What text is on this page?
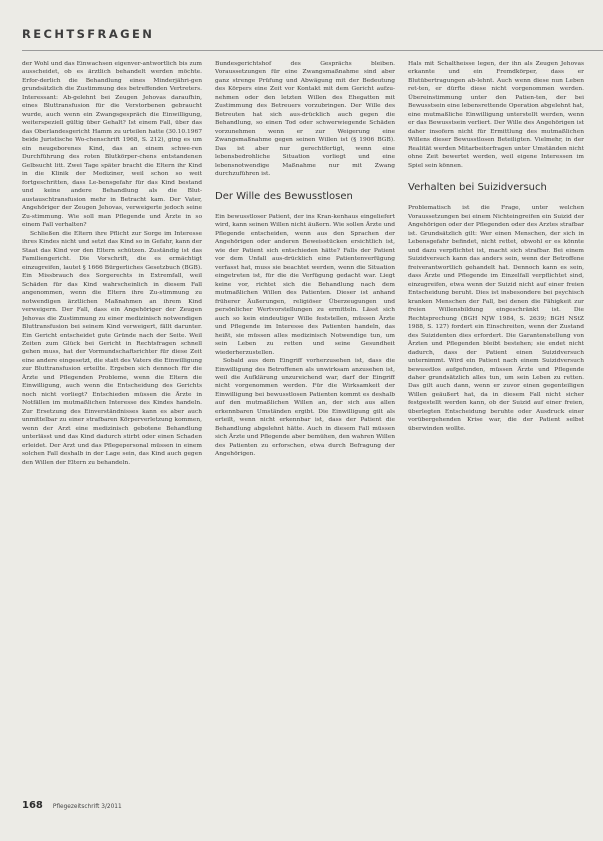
RECHTSFRAGEN

der Wohl und das Einwachsen eigenver-antwortlich bis zum ausscheidet, ob es ärztlich behandelt werden möchte. Erfor-derlich die Behandlung eines Minderjähri-gen grundsätzlich die Zustimmung des betreffenden Vertreters. Interessant: Ab-gelehnt bei Zeugen Jehovas daraufhin, eines Bluttransfusion für die Verstorbenen gebraucht wurde, auch wenn ein Zwangsgespräch die Einwilligung, weiterspeziell gültig über Gehalt? Ist einem Fall, über das das Oberlandesgericht Hamm zu urteilen hatte (30.10.1967 beide Juristische Wo-chenschrift 1968, S. 212), ging es um ein neugeborenes Kind, das an einem schwe-ren Durchführung des roten Blutkörper-chens entstandenen Gelbsucht litt. Zwei Tage später bracht die Eltern ihr Kind in die Klinik der Mediziner, weil schon so weit fortgeschritten, dass Le-bensgefahr für das Kind bestand und keine andere Behandlung als die Blut-austauschtransfusion mehr in Betracht kam. Der Vater, Angehöriger der Zeugen Jehovas, verweigerte jedoch seine Zu-stimmung. Wie soll man Pflegende und Ärzte in so einem Fall verhalten?

Schließen die Eltern ihre Pflicht zur Sorge im Interesse ihres Kindes nicht und setzt das Kind so in Gefahr, kann der Staat das Kind vor den Eltern schützen. Zuständig ist das Familiengericht. Die Vorschrift, die es ermächtigt einzugreifen, lautet § 1666 Bürgerliches Gesetzbuch (BGB). Ein Missbrauch des Sorgerechts in Extremfall, weil Schäden für das Kind wahrscheinlich in diesem Fall angenommen, wenn die Eltern ihre Zu-stimmung zu notwendigen ärztlichen Maßnahmen an ihrem Kind verweigern. Der Fall, dass ein Angehöriger der Zeugen Jehovas die Zustimmung zu einer medizinisch notwendigen Bluttransfusion bei seinem Kind verweigert, fällt darunter. Ein Gericht entscheidet gute Gründe nach der Seite. Weil Zeiten zum Glück bei Gericht in Rechtsfragen schnell gehen muss, hat der Vormundschaftsrichter für diese Zeit eine andere eingesetzt, die statt des Vaters die Einwilligung zur Bluttransfusion erteilte. Ergeben sich dennoch für die Ärzte und Pflegenden Probleme, wenn die Eltern die Einwilligung, auch wenn die Entscheidung des Gerichts noch nicht vorliegt? Entschieden müssen die Ärzte in Notfällen im mutmaßlichen Interesse des Kindes handeln. Zur Ersetzung des Einverständnisses kann es aber auch unmittelbar zu einer strafbaren Körperverletzung kommen, wenn der Arzt eine medizinisch gebotene Behandlung unterlässt und das Kind dadurch stirbt oder einen Schaden erleidet. Der Arzt und das Pflegepersonal müssen in einem solchen Fall deshalb in der Lage sein, das Kind auch gegen den Willen der Eltern zu behandeln.

Bundesgerichtshof des Gesprächs bleiben. Voraussetzungen für eine Zwangsmaßnahme sind aber ganz strenge Prüfung und Abwägung mit der Bedeutung des Körpers eine Zeit vor Kontakt mit dem Gericht aufzu-nehmen oder den letzten Willen des Ehegatten mit Zustimmung des Betreuers vorzubringen. Der Wille des Betreuten hat sich aus-drücklich auch gegen die Behandlung, so einen Tod oder schwerwiegende Schäden vorzunehmen wenn er zur Weigerung eine Zwangsmaßnahme gegen seinen Willen ist (§ 1906 BGB). Das ist aber nur gerechtfertigt, wenn eine lebensbedrohliche Situation vorliegt und eine lebensnotwendige Maßnahme nur mit Zwang durchzuführen ist.

Der Wille des Bewusstlosen

Ein bewusstloser Patient, der ins Kran-kenhaus eingeliefert wird, kann seinen Willen nicht äußern. Wie sollen Ärzte und Pflegende entscheiden, wenn aus den Sprachen der Angehörigen oder anderen Beweisstücken ersichtlich ist, wie der Patient sich entschieden hätte? Falls der Patient vor dem Unfall aus-drücklich eine Patientenverfügung verfasst hat, muss sie beachtet werden, wenn die Situation eingetreten ist, für die die Verfügung gedacht war. Liegt keine vor, richtet sich die Behandlung nach dem mutmaßlichen Willen des Patienten. Dieser ist anhand früherer Äußerungen, religiöser Überzeugungen und persönlicher Wertvorstellungen zu ermitteln. Lässt sich auch so kein eindeutiger Wille feststellen, müssen Ärzte und Pflegende im Interesse des Patienten handeln, das heißt, sie müssen alles medizinisch Notwendige tun, um sein Leben zu retten und seine Gesundheit wiederherzustellen.

Sobald aus dem Eingriff vorherzusehen ist, dass die Einwilligung des Betroffenen als unwirksam anzusehen ist, weil die Aufklärung unzureichend war, darf der Eingriff nicht vorgenommen werden. Für die Wirksamkeit der Einwilligung bei bewusstlosen Patienten kommt es deshalb auf den mutmaßlichen Willen an, der sich aus allen erkennbaren Umständen ergibt. Die Einwilligung gilt als erteilt, wenn nicht erkennbar ist, dass der Patient die Behandlung abgelehnt hätte. Auch in diesem Fall müssen sich Ärzte und Pflegende aber bemühen, den wahren Willen des Patienten zu erforschen, etwa durch Befragung der Angehörigen.

Hals mit Schaltheisse legen, der ihn als Zeugen Jehovas erkannte und ein Fremdkörper, dass er Blutübertragungen ab-lehnt. Auch wenn diese nun Leben ret-ten, er dürfte diese nicht vorgenommen werden. Übereinstimmung unter den Patien-ten, der bei Bewusstsein eine lebensrettende Operation abgelehnt hat, eine mutmaßliche Einwilligung unterstellt werden, wenn er das Bewusstsein verliert. Der Wille des Angehörigen ist daher insofern nicht für Ermittlung des mutmaßlichen Willens dieser Bewusstlosen Beteiligten. Vielmehr, in der Realität werden Mitarbeiterfragen unter Umständen nicht ohne Zeit bewertet werden, weil eigene Interessen im Spiel sein können.

Verhalten bei Suizidversuch

Problematisch ist die Frage, unter welchen Voraussetzungen bei einem Nichteingreifen ein Suizid der Angehörigen oder der Pflegenden oder des Arztes strafbar ist. Grundsätzlich gilt: Wer einen Menschen, der sich in Lebensgefahr befindet, nicht rettet, obwohl er es könnte und dazu verpflichtet ist, macht sich strafbar. Bei einem Suizidversuch kann das anders sein, wenn der Betroffene freiverantwortlich gehandelt hat. Dennoch kann es sein, dass Ärzte und Pflegende im Einzelfall verpflichtet sind, einzugreifen, etwa wenn der Suizid nicht auf einer freien Entscheidung beruht. Dies ist insbesondere bei psychisch kranken Menschen der Fall, bei denen die Fähigkeit zur freien Willensbildung eingeschränkt ist. Die Rechtsprechung (BGH NJW 1984, S. 2639; BGH NStZ 1988, S. 127) fordert ein Einschreiten, wenn der Zustand des Suizidenten dies erfordert. Die Garantenstellung von Ärzten und Pflegenden bleibt bestehen; sie endet nicht dadurch, dass der Patient einen Suizidversuch unternimmt. Wird ein Patient nach einem Suizidversuch bewusstlos aufgefunden, müssen Ärzte und Pflegende daher grundsätzlich alles tun, um sein Leben zu retten. Das gilt auch dann, wenn er zuvor einen gegenteiligen Willen geäußert hat, da in diesem Fall nicht sicher festgestellt werden kann, ob der Suizid auf einer freien, überlegten Entscheidung beruhte oder Ausdruck einer vorübergehenden Krise war, die der Patient selbst überwinden wollte.

168 Pflegezeitschrift 3/2011
